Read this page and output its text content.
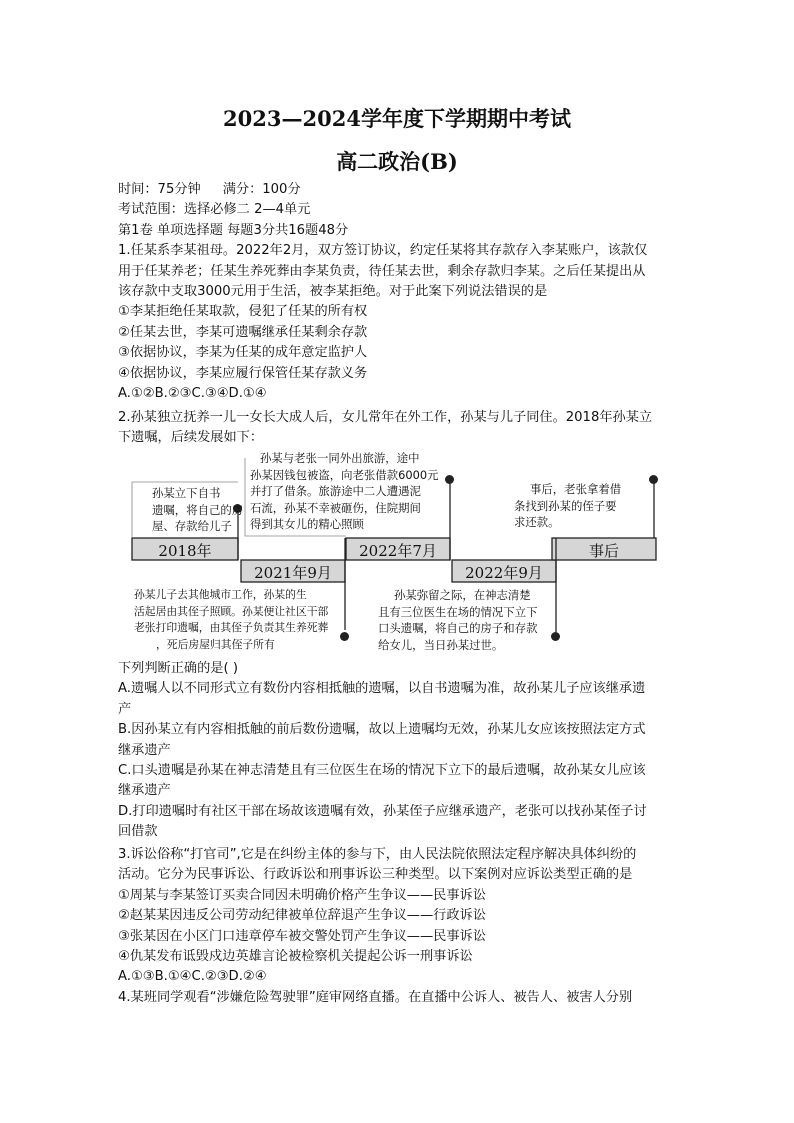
2023—2024学年度下学期期中考试
高二政治(B)
时间：75分钟 满分：100分
考试范围：选择必修二 2—4单元
第1卷 单项选择题 每题3分共16题48分
1.任某系李某祖母。2022年2月，双方签订协议，约定任某将其存款存入李某账户，该款仅
用于任某养老；任某生养死葬由李某负责，待任某去世，剩余存款归李某。之后任某提出从
该存款中支取3000元用于生活，被李某拒绝。对于此案下列说法错误的是
①李某拒绝任某取款，侵犯了任某的所有权
②任某去世，李某可遗嘱继承任某剩余存款
③依据协议，李某为任某的成年意定监护人
④依据协议，李某应履行保管任某存款义务
A.①②B.②③C.③④D.①④
2.孙某独立抚养一儿一女长大成人后，女儿常年在外工作，孙某与儿子同住。2018年孙某立
下遗嘱，后续发展如下：
2018年
2021年9月
2022年7月
2022年9月
事后
孙某立下自书
遗嘱，将自己的房
屋、存款给儿子
孙某与老张一同外出旅游，途中
孙某因钱包被盗，向老张借款6000元
并打了借条。旅游途中二人遭遇泥
石流，孙某不幸被砸伤，住院期间
得到其女儿的精心照顾
事后，老张拿着借
条找到孙某的侄子要
求还款。
孙某儿子去其他城市工作，孙某的生
活起居由其侄子照顾。孙某便让社区干部
老张打印遗嘱，由其侄子负责其生养死葬
，死后房屋归其侄子所有
孙某弥留之际，在神志清楚
且有三位医生在场的情况下立下
口头遗嘱，将自己的房子和存款
给女儿，当日孙某过世。
下列判断正确的是( )
A.遗嘱人以不同形式立有数份内容相抵触的遗嘱，以自书遗嘱为准，故孙某儿子应该继承遗
产
B.因孙某立有内容相抵触的前后数份遗嘱，故以上遗嘱均无效，孙某儿女应该按照法定方式
继承遗产
C.口头遗嘱是孙某在神志清楚且有三位医生在场的情况下立下的最后遗嘱，故孙某女儿应该
继承遗产
D.打印遗嘱时有社区干部在场故该遗嘱有效，孙某侄子应继承遗产，老张可以找孙某侄子讨
回借款
3.诉讼俗称“打官司”,它是在纠纷主体的参与下，由人民法院依照法定程序解决具体纠纷的
活动。它分为民事诉讼、行政诉讼和刑事诉讼三种类型。以下案例对应诉讼类型正确的是
①周某与李某签订买卖合同因未明确价格产生争议——民事诉讼
②赵某某因违反公司劳动纪律被单位辞退产生争议——行政诉讼
③张某因在小区门口违章停车被交警处罚产生争议——民事诉讼
④仇某发布诋毁戍边英雄言论被检察机关提起公诉一刑事诉讼
A.①③B.①④C.②③D.②④
4.某班同学观看“涉嫌危险驾驶罪”庭审网络直播。在直播中公诉人、被告人、被害人分别
